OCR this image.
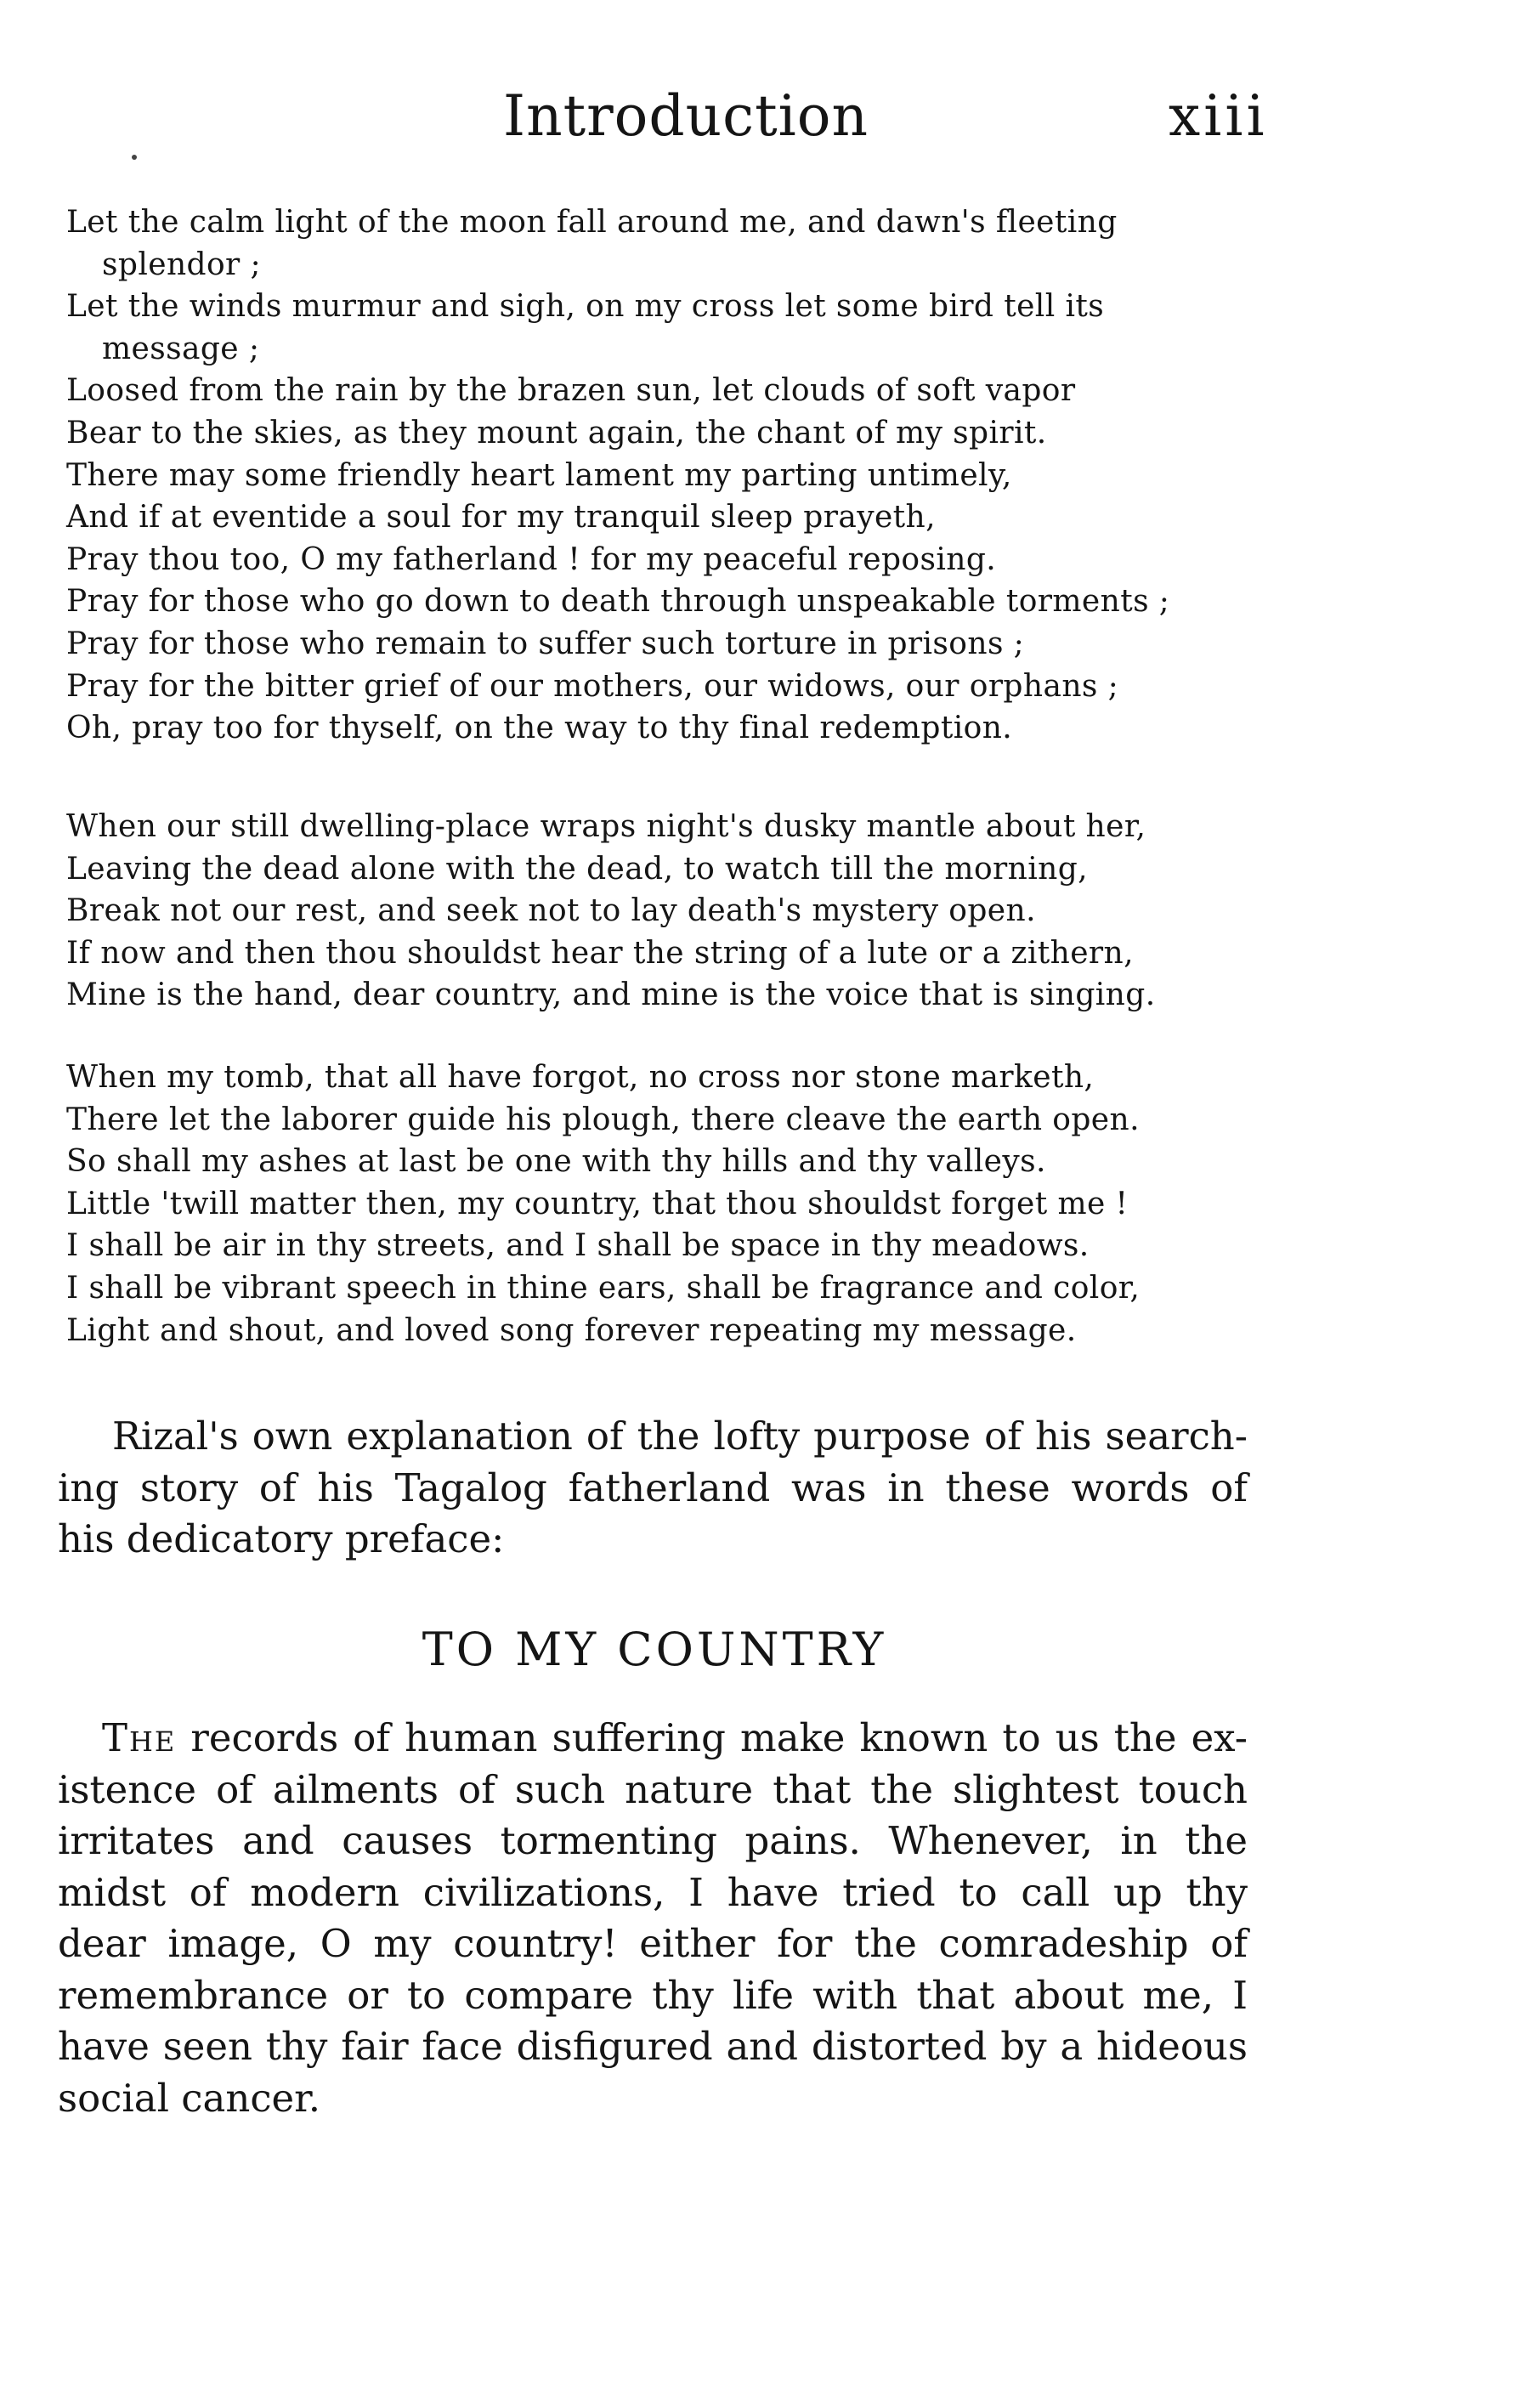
Introduction	xiii
Let the calm light of the moon fall around me, and dawn's fleeting
splendor ;
Let the winds murmur and sigh, on my cross let some bird tell its
message ;
Loosed from the rain by the brazen sun, let clouds of soft vapor
Bear to the skies, as they mount again, the chant of my spirit.
There may some friendly heart lament my parting untimely,
And if at eventide a soul for my tranquil sleep prayeth,
Pray thou too, O my fatherland ! for my peaceful reposing.
Pray for those who go down to death through unspeakable torments ;
Pray for those who remain to suffer such torture in prisons ;
Pray for the bitter grief of our mothers, our widows, our orphans ;
Oh, pray too for thyself, on the way to thy final redemption.
When our still dwelling-place wraps night's dusky mantle about her,
Leaving the dead alone with the dead, to watch till the morning,
Break not our rest, and seek not to lay death's mystery open.
If now and then thou shouldst hear the string of a lute or a zithern,
Mine is the hand, dear country, and mine is the voice that is singing.
When my tomb, that all have forgot, no cross nor stone marketh,
There let the laborer guide his plough, there cleave the earth open.
So shall my ashes at last be one with thy hills and thy valleys.
Little 'twill matter then, my country, that thou shouldst forget me !
I shall be air in thy streets, and I shall be space in thy meadows.
I shall be vibrant speech in thine ears, shall be fragrance and color,
Light and shout, and loved song forever repeating my message.
Rizal's own explanation of the lofty purpose of his search-
ing story of his Tagalog fatherland was in these words of
his dedicatory preface:
TO MY COUNTRY
The records of human suffering make known to us the ex-
istence of ailments of such nature that the slightest touch
irritates and causes tormenting pains. Whenever, in the
midst of modern civilizations, I have tried to call up thy
dear image, O my country! either for the comradeship of
remembrance or to compare thy life with that about me, I
have seen thy fair face disfigured and distorted by a hideous
social cancer.
